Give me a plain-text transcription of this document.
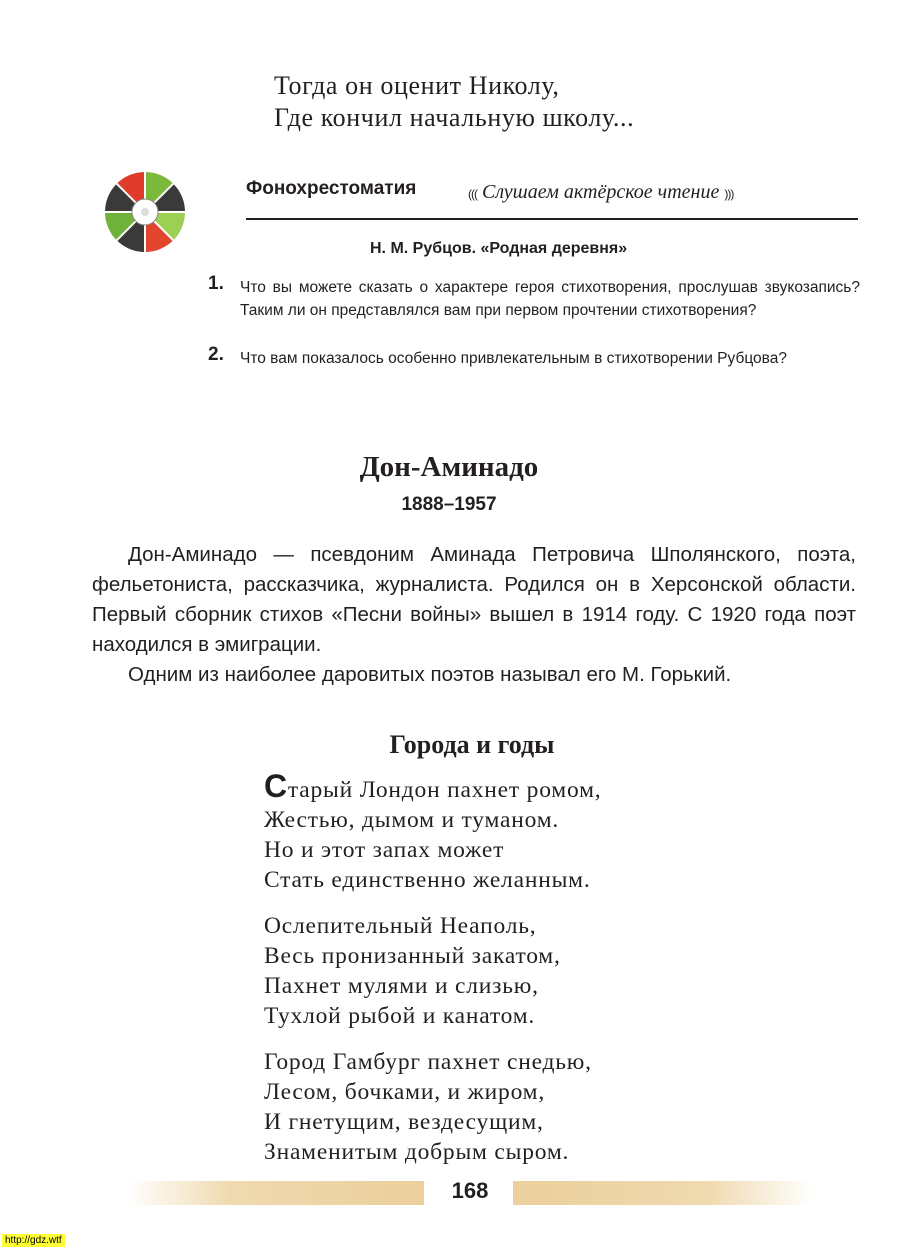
Тогда он оценит Николу,
Где кончил начальную школу...
Фонохрестоматия	((( Слушаем актёрское чтение )))
Н. М. Рубцов. «Родная деревня»
1. Что вы можете сказать о характере героя стихотворения, прослушав звукозапись? Таким ли он представлялся вам при первом прочтении стихотворения?
2. Что вам показалось особенно привлекательным в стихотворении Рубцова?
Дон-Аминадо
1888–1957

Дон-Аминадо — псевдоним Аминада Петровича Шполянского, поэта, фельетониста, рассказчика, журналиста. Родился он в Херсонской области. Первый сборник стихов «Песни войны» вышел в 1914 году. С 1920 года поэт находился в эмиграции.

Одним из наиболее даровитых поэтов называл его М. Горький.

Города и годы
Старый Лондон пахнет ромом,
Жестью, дымом и туманом.
Но и этот запах может
Стать единственно желанным.
Ослепительный Неаполь,
Весь пронизанный закатом,
Пахнет мулями и слизью,
Тухлой рыбой и канатом.
Город Гамбург пахнет снедью,
Лесом, бочками, и жиром,
И гнетущим, вездесущим,
Знаменитым добрым сыром.
168
http://gdz.wtf
